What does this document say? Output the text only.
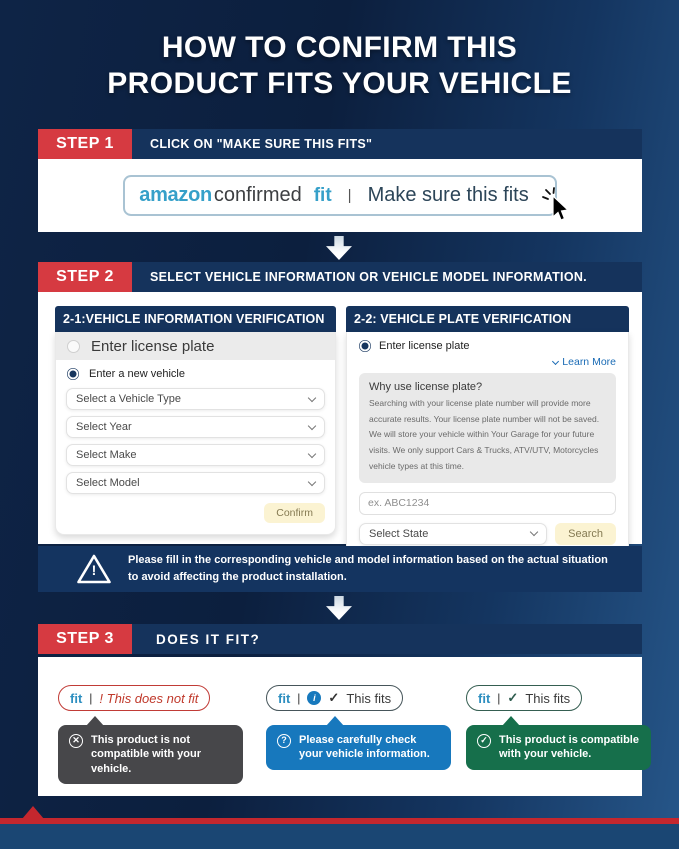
HOW TO CONFIRM THIS
PRODUCT FITS YOUR VEHICLE
STEP 1	CLICK ON "MAKE SURE THIS FITS"
amazon confirmed fit | Make sure this fits
STEP 2	SELECT VEHICLE INFORMATION OR VEHICLE MODEL INFORMATION.
2-1:VEHICLE INFORMATION VERIFICATION
Enter license plate
Enter a new vehicle
Select a Vehicle Type
Select Year
Select Make
Select Model
Confirm
2-2: VEHICLE PLATE VERIFICATION
Enter license plate
Learn More
Why use license plate?
Searching with your license plate number will provide more accurate results. Your license plate number will not be saved. We will store your vehicle within Your Garage for your future visits. We only support Cars & Trucks, ATV/UTV, Motorcycles vehicle types at this time.
ex. ABC1234
Select State	Search
!
Please fill in the corresponding vehicle and model information based on the actual situation
to avoid affecting the product installation.
STEP 3	DOES IT FIT?
fit | ! This does not fit
✕ This product is not compatible with your vehicle.
fit |	i ✓ This fits
?	Please carefully check your vehicle information.
fit | ✓ This fits
✓ This product is compatible with your vehicle.
